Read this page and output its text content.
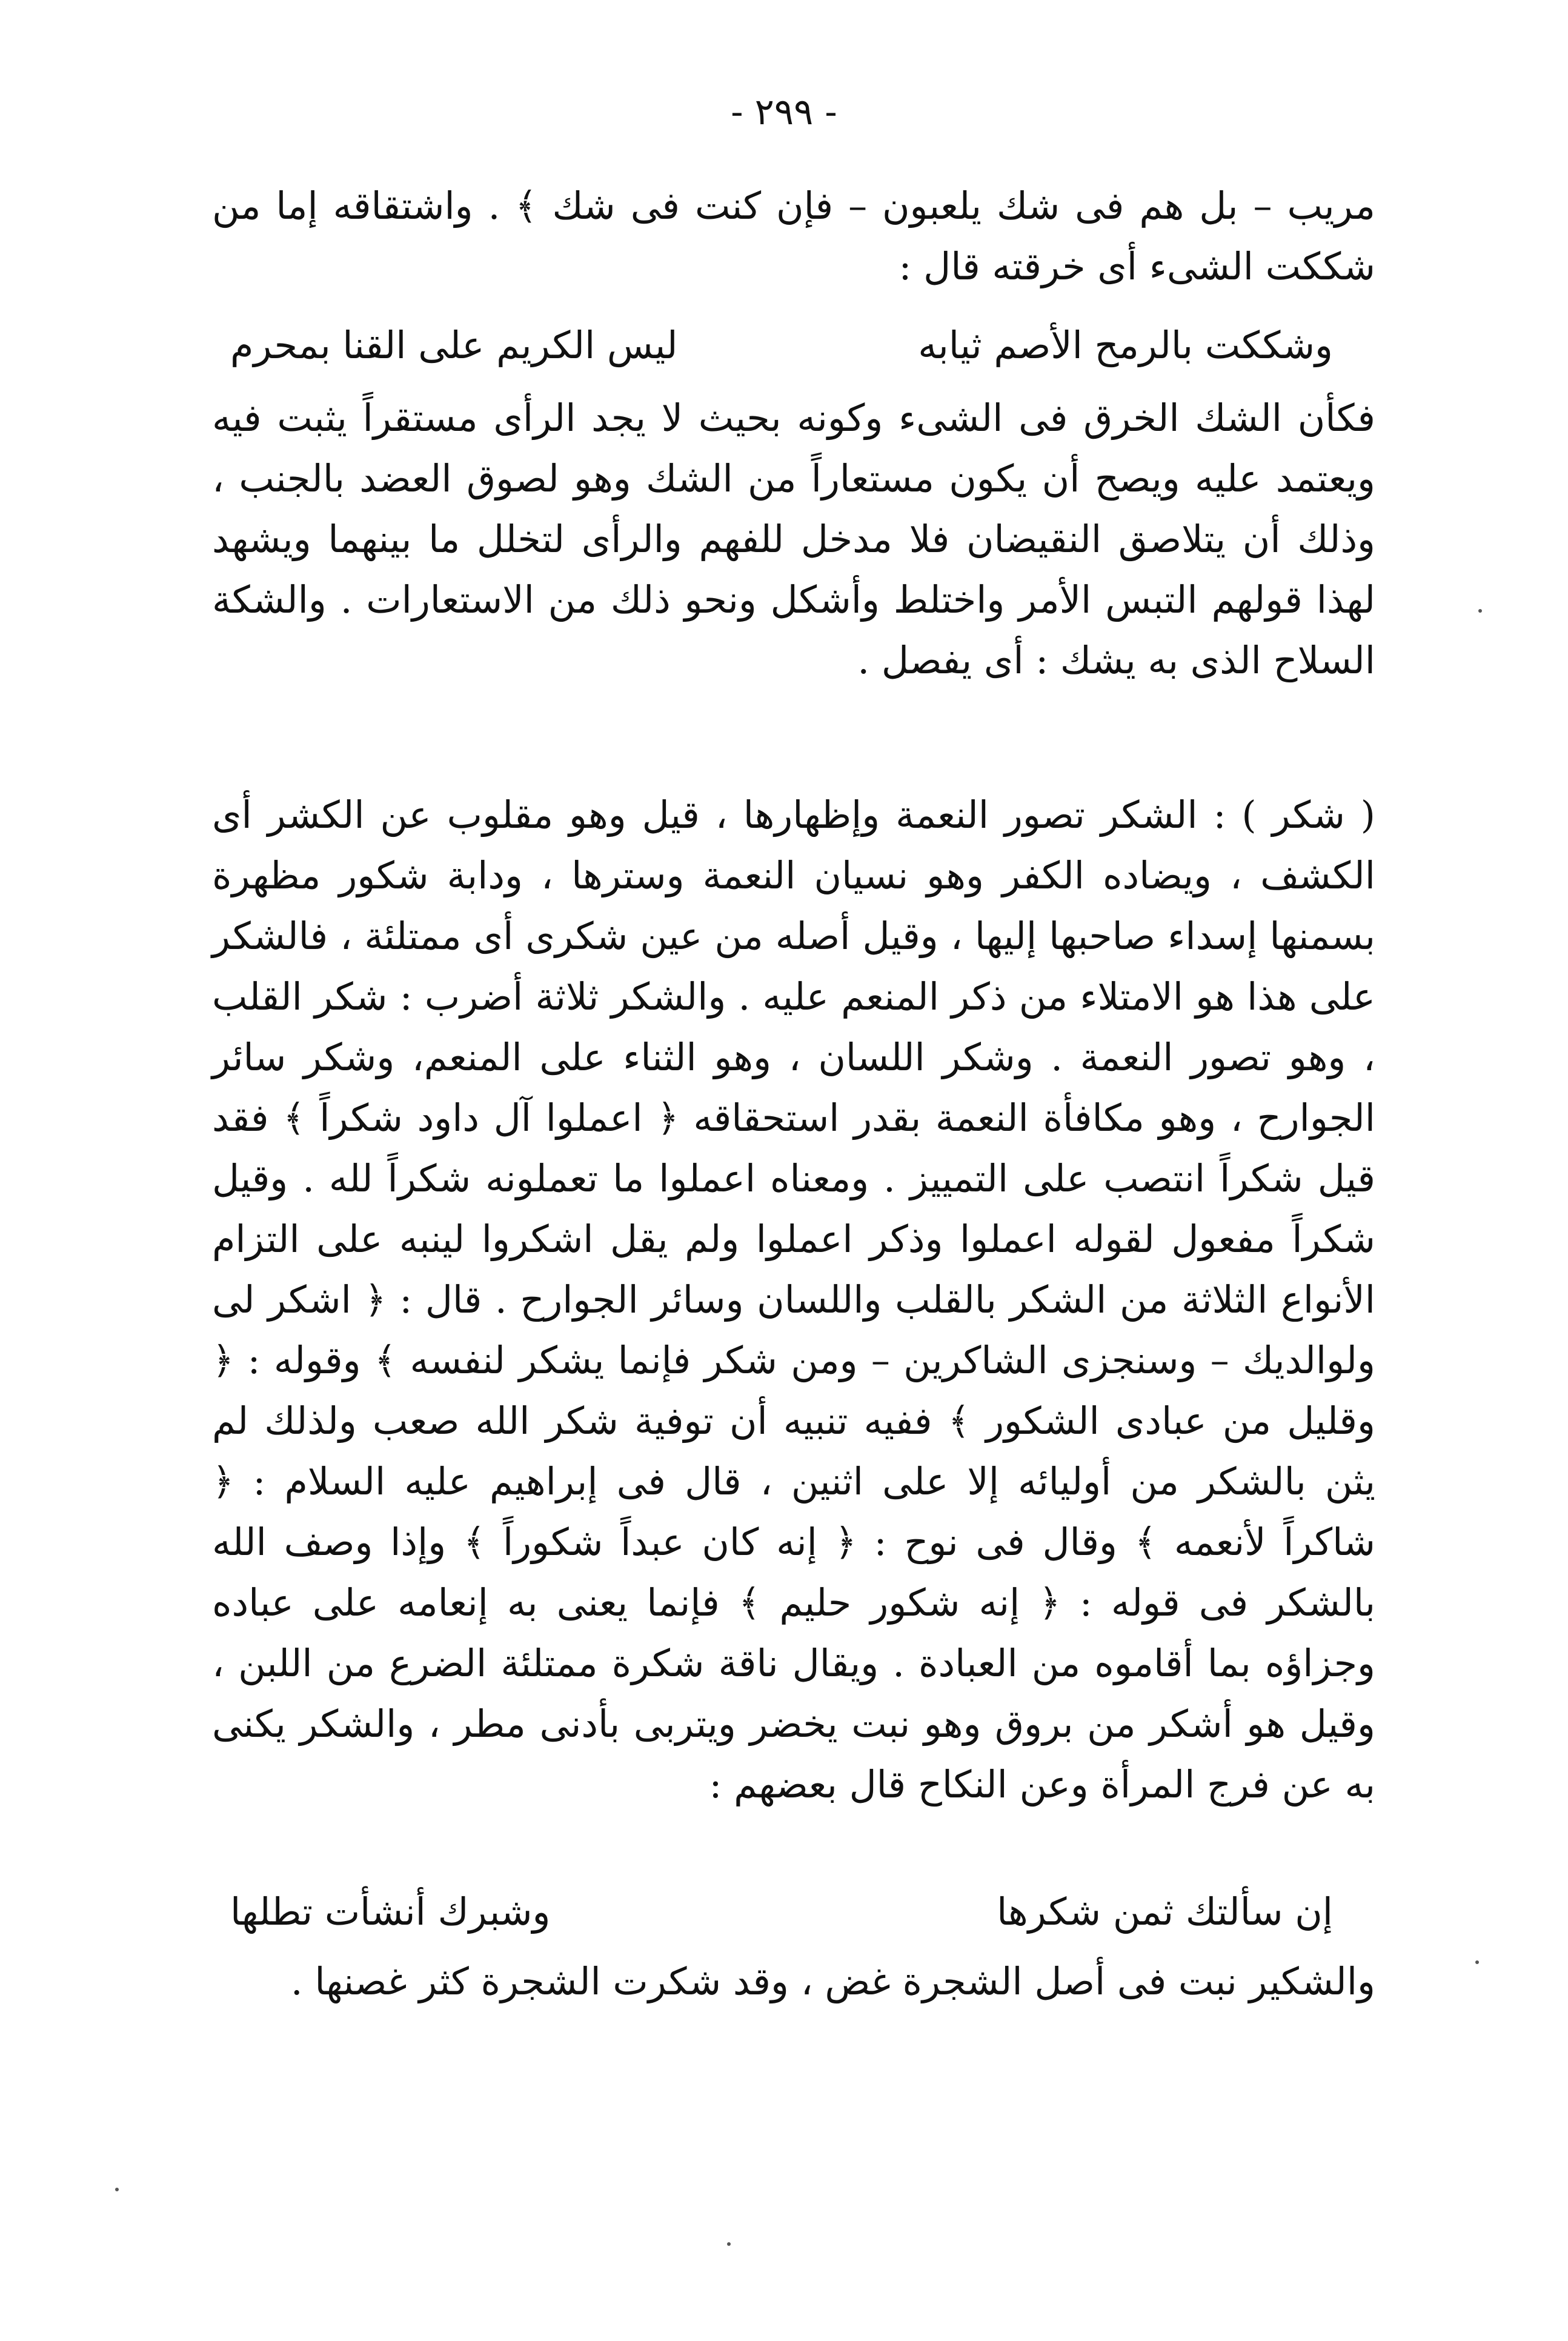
- ٢٩٩ -

مريب – بل هم فى شك يلعبون – فإن كنت فى شك ﴾ . واشتقاقه إما من شككت الشىء أى خرقته قال :

وشككت بالرمح الأصم ثيابه
ليس الكريم على القنا بمحرم

فكأن الشك الخرق فى الشىء وكونه بحيث لا يجد الرأى مستقراً يثبت فيه ويعتمد عليه ويصح أن يكون مستعاراً من الشك وهو لصوق العضد بالجنب ، وذلك أن يتلاصق النقيضان فلا مدخل للفهم والرأى لتخلل ما بينهما ويشهد لهذا قولهم التبس الأمر واختلط وأشكل ونحو ذلك من الاستعارات . والشكة السلاح الذى به يشك : أى يفصل .

( شكر ) : الشكر تصور النعمة وإظهارها ، قيل وهو مقلوب عن الكشر أى الكشف ، ويضاده الكفر وهو نسيان النعمة وسترها ، ودابة شكور مظهرة بسمنها إسداء صاحبها إليها ، وقيل أصله من عين شكرى أى ممتلئة ، فالشكر على هذا هو الامتلاء من ذكر المنعم عليه . والشكر ثلاثة أضرب : شكر القلب ، وهو تصور النعمة . وشكر اللسان ، وهو الثناء على المنعم، وشكر سائر الجوارح ، وهو مكافأة النعمة بقدر استحقاقه ﴿ اعملوا آل داود شكراً ﴾ فقد قيل شكراً انتصب على التمييز . ومعناه اعملوا ما تعملونه شكراً لله . وقيل شكراً مفعول لقوله اعملوا وذكر اعملوا ولم يقل اشكروا لينبه على التزام الأنواع الثلاثة من الشكر بالقلب واللسان وسائر الجوارح . قال : ﴿ اشكر لى ولوالديك – وسنجزى الشاكرين – ومن شكر فإنما يشكر لنفسه ﴾ وقوله : ﴿ وقليل من عبادى الشكور ﴾ ففيه تنبيه أن توفية شكر الله صعب ولذلك لم يثن بالشكر من أوليائه إلا على اثنين ، قال فى إبراهيم عليه السلام : ﴿ شاكراً لأنعمه ﴾ وقال فى نوح : ﴿ إنه كان عبداً شكوراً ﴾ وإذا وصف الله بالشكر فى قوله : ﴿ إنه شكور حليم ﴾ فإنما يعنى به إنعامه على عباده وجزاؤه بما أقاموه من العبادة . ويقال ناقة شكرة ممتلئة الضرع من اللبن ، وقيل هو أشكر من بروق وهو نبت يخضر ويتربى بأدنى مطر ، والشكر يكنى به عن فرج المرأة وعن النكاح قال بعضهم :

إن سألتك ثمن شكرها
وشبرك أنشأت تطلها

والشكير نبت فى أصل الشجرة غض ، وقد شكرت الشجرة كثر غصنها .
